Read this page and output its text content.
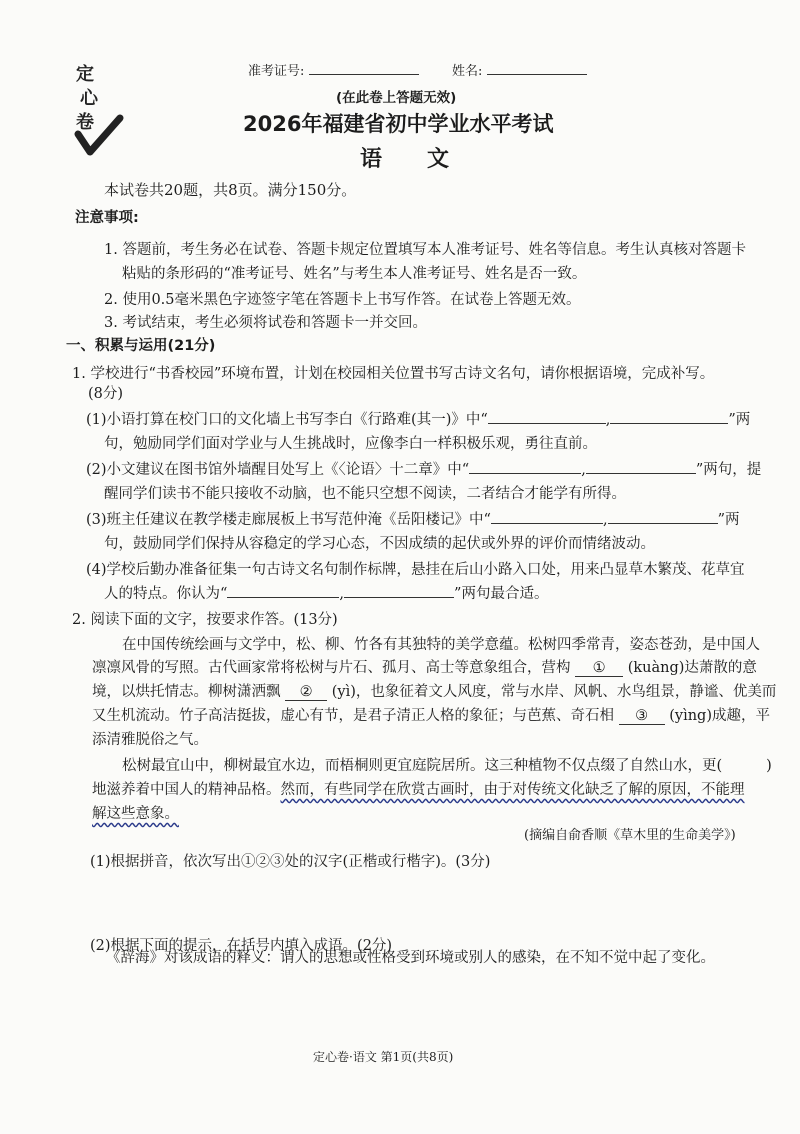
定
心
卷
准考证号:	姓名:
(在此卷上答题无效)
2026年福建省初中学业水平考试
语 文
本试卷共20题，共8页。满分150分。
注意事项:
1. 答题前，考生务必在试卷、答题卡规定位置填写本人准考证号、姓名等信息。考生认真核对答题卡
粘贴的条形码的“准考证号、姓名”与考生本人准考证号、姓名是否一致。
2. 使用0.5毫米黑色字迹签字笔在答题卡上书写作答。在试卷上答题无效。
3. 考试结束，考生必须将试卷和答题卡一并交回。
一、积累与运用(21分)
1. 学校进行“书香校园”环境布置，计划在校园相关位置书写古诗文名句，请你根据语境，完成补写。
(8分)
(1)小语打算在校门口的文化墙上书写李白《行路难(其一)》中“	,	”两
句，勉励同学们面对学业与人生挑战时，应像李白一样积极乐观，勇往直前。
(2)小文建议在图书馆外墙醒目处写上《〈论语〉十二章》中“	,	”两句，提
醒同学们读书不能只接收不动脑，也不能只空想不阅读，二者结合才能学有所得。
(3)班主任建议在教学楼走廊展板上书写范仲淹《岳阳楼记》中“	,	”两
句，鼓励同学们保持从容稳定的学习心态，不因成绩的起伏或外界的评价而情绪波动。
(4)学校后勤办准备征集一句古诗文名句制作标牌，悬挂在后山小路入口处，用来凸显草木繁茂、花草宜
人的特点。你认为“	,	”两句最合适。
2. 阅读下面的文字，按要求作答。(13分)
在中国传统绘画与文学中，松、柳、竹各有其独特的美学意蕴。松树四季常青，姿态苍劲，是中国人
凛凛风骨的写照。古代画家常将松树与片石、孤月、高士等意象组合，营构 ① (kuàng)达萧散的意
境，以烘托情志。柳树潇洒飘 ② (yì)，也象征着文人风度，常与水岸、风帆、水鸟组景，静谧、优美而
又生机流动。竹子高洁挺拔，虚心有节，是君子清正人格的象征；与芭蕉、奇石相 ③ (yìng)成趣，平
添清雅脱俗之气。
松树最宜山中，柳树最宜水边，而梧桐则更宜庭院居所。这三种植物不仅点缀了自然山水，更(	)
地滋养着中国人的精神品格。然而，有些同学在欣赏古画时，由于对传统文化缺乏了解的原因，不能理
解这些意象。
(摘编自俞香顺《草木里的生命美学》)
(1)根据拼音，依次写出①②③处的汉字(正楷或行楷字)。(3分)
(2)根据下面的提示，在括号内填入成语。(2分)
《辞海》对该成语的释义：谓人的思想或性格受到环境或别人的感染，在不知不觉中起了变化。
定心卷·语文 第1页(共8页)
